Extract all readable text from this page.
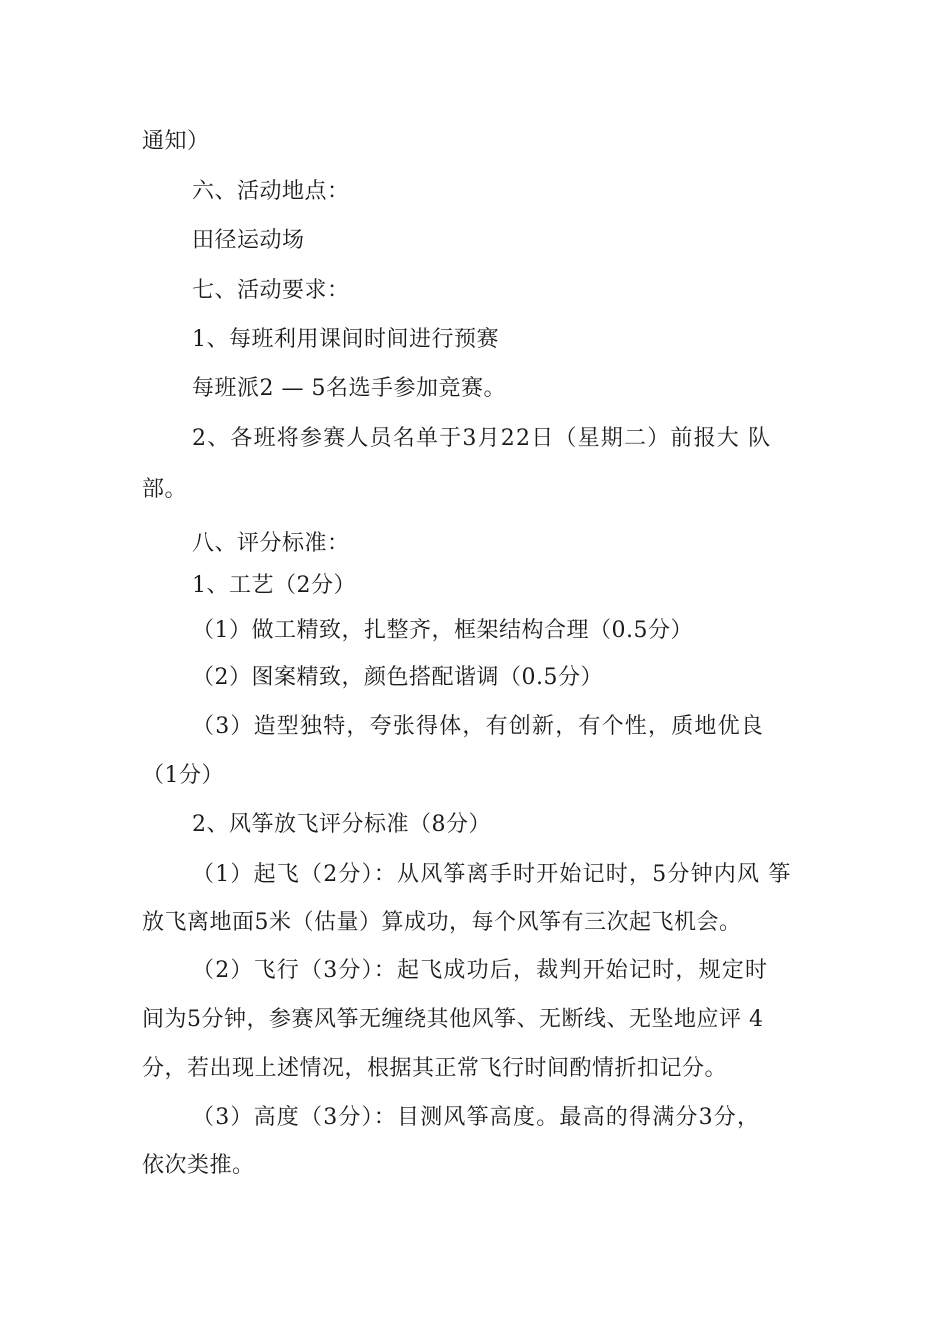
通知）
六、活动地点：
田径运动场
七、活动要求：
1、每班利用课间时间进行预赛
每班派2 — 5名选手参加竞赛。
2、各班将参赛人员名单于3月22日（星期二）前报大 队
部。
八、评分标准：
1、工艺（2分）
（1）做工精致，扎整齐，框架结构合理（0.5分）
（2）图案精致，颜色搭配谐调（0.5分）
（3）造型独特，夸张得体，有创新，有个性，质地优良
（1分）
2、风筝放飞评分标准（8分）
（1）起飞（2分）：从风筝离手时开始记时，5分钟内风 筝
放飞离地面5米（估量）算成功，每个风筝有三次起飞机会。
（2）飞行（3分）：起飞成功后，裁判开始记时，规定时
间为5分钟，参赛风筝无缠绕其他风筝、无断线、无坠地应评 4
分，若出现上述情况，根据其正常飞行时间酌情折扣记分。
（3）高度（3分）：目测风筝高度。最高的得满分3分，
依次类推。
